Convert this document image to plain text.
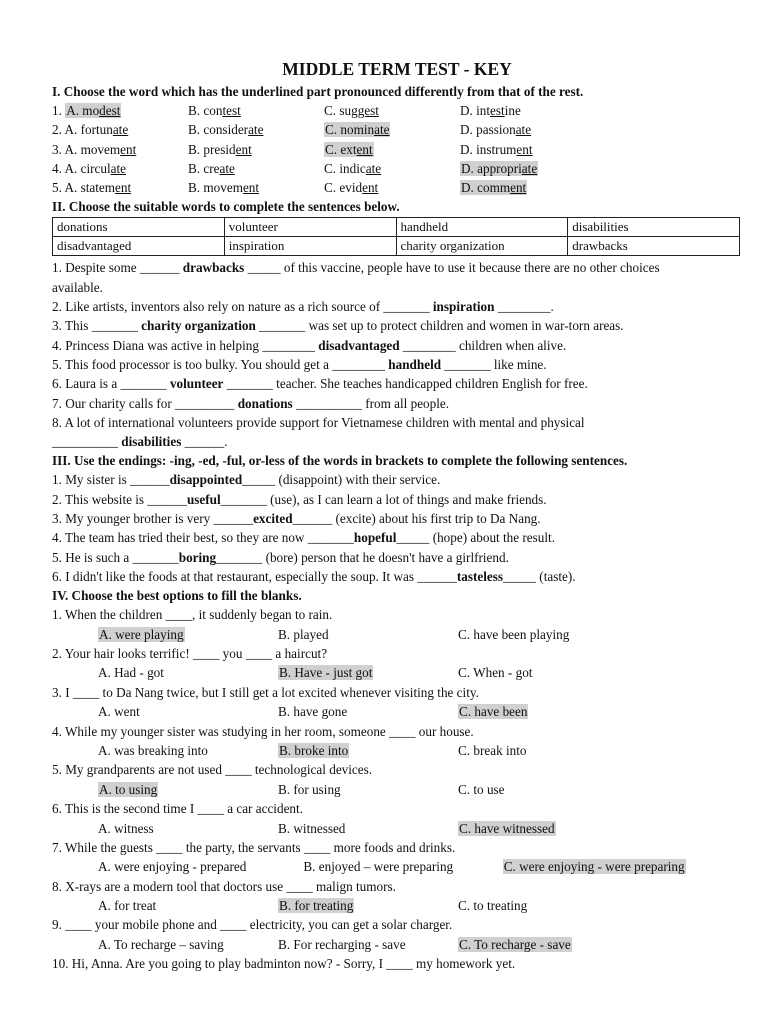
MIDDLE TERM TEST - KEY
I. Choose the word which has the underlined part pronounced differently from that of the rest.
1. A. modest	B. contest	C. suggest	D. intestine
2. A. fortunate	B. considerate	C. nominate	D. passionate
3. A. movement	B. president	C. extent	D. instrument
4. A. circulate	B. create	C. indicate	D. appropriate
5. A. statement	B. movement	C. evident	D. comment
II. Choose the suitable words to complete the sentences below.
donations	volunteer	handheld	disabilities
disadvantaged	inspiration	charity organization	drawbacks
1. Despite some ______ drawbacks _____ of this vaccine, people have to use it because there are no other choices
available.
2. Like artists, inventors also rely on nature as a rich source of _______ inspiration ________.
3. This _______ charity organization _______ was set up to protect children and women in war-torn areas.
4. Princess Diana was active in helping ________ disadvantaged ________ children when alive.
5. This food processor is too bulky. You should get a ________ handheld _______ like mine.
6. Laura is a _______ volunteer _______ teacher. She teaches handicapped children English for free.
7. Our charity calls for _________ donations __________ from all people.
8. A lot of international volunteers provide support for Vietnamese children with mental and physical
__________ disabilities ______.
III. Use the endings: -ing, -ed, -ful, or-less of the words in brackets to complete the following sentences.
1. My sister is ______disappointed_____ (disappoint) with their service.
2. This website is ______useful_______ (use), as I can learn a lot of things and make friends.
3. My younger brother is very ______excited______ (excite) about his first trip to Da Nang.
4. The team has tried their best, so they are now _______hopeful_____ (hope) about the result.
5. He is such a _______boring_______ (bore) person that he doesn't have a girlfriend.
6. I didn't like the foods at that restaurant, especially the soup. It was ______tasteless_____ (taste).
IV. Choose the best options to fill the blanks.
1. When the children ____, it suddenly began to rain.
A. were playing	B. played	C. have been playing
2. Your hair looks terrific! ____ you ____ a haircut?
A. Had - got	B. Have - just got	C. When - got
3. I ____ to Da Nang twice, but I still get a lot excited whenever visiting the city.
A. went	B. have gone	C. have been
4. While my younger sister was studying in her room, someone ____ our house.
A. was breaking into	B. broke into	C. break into
5. My grandparents are not used ____ technological devices.
A. to using	B. for using	C. to use
6. This is the second time I ____ a car accident.
A. witness	B. witnessed	C. have witnessed
7. While the guests ____ the party, the servants ____ more foods and drinks.
A. were enjoying - prepared	B. enjoyed – were preparing	C. were enjoying - were preparing
8. X-rays are a modern tool that doctors use ____ malign tumors.
A. for treat	B. for treating	C. to treating
9. ____ your mobile phone and ____ electricity, you can get a solar charger.
A. To recharge – saving	B. For recharging - save	C. To recharge - save
10. Hi, Anna. Are you going to play badminton now? - Sorry, I ____ my homework yet.
